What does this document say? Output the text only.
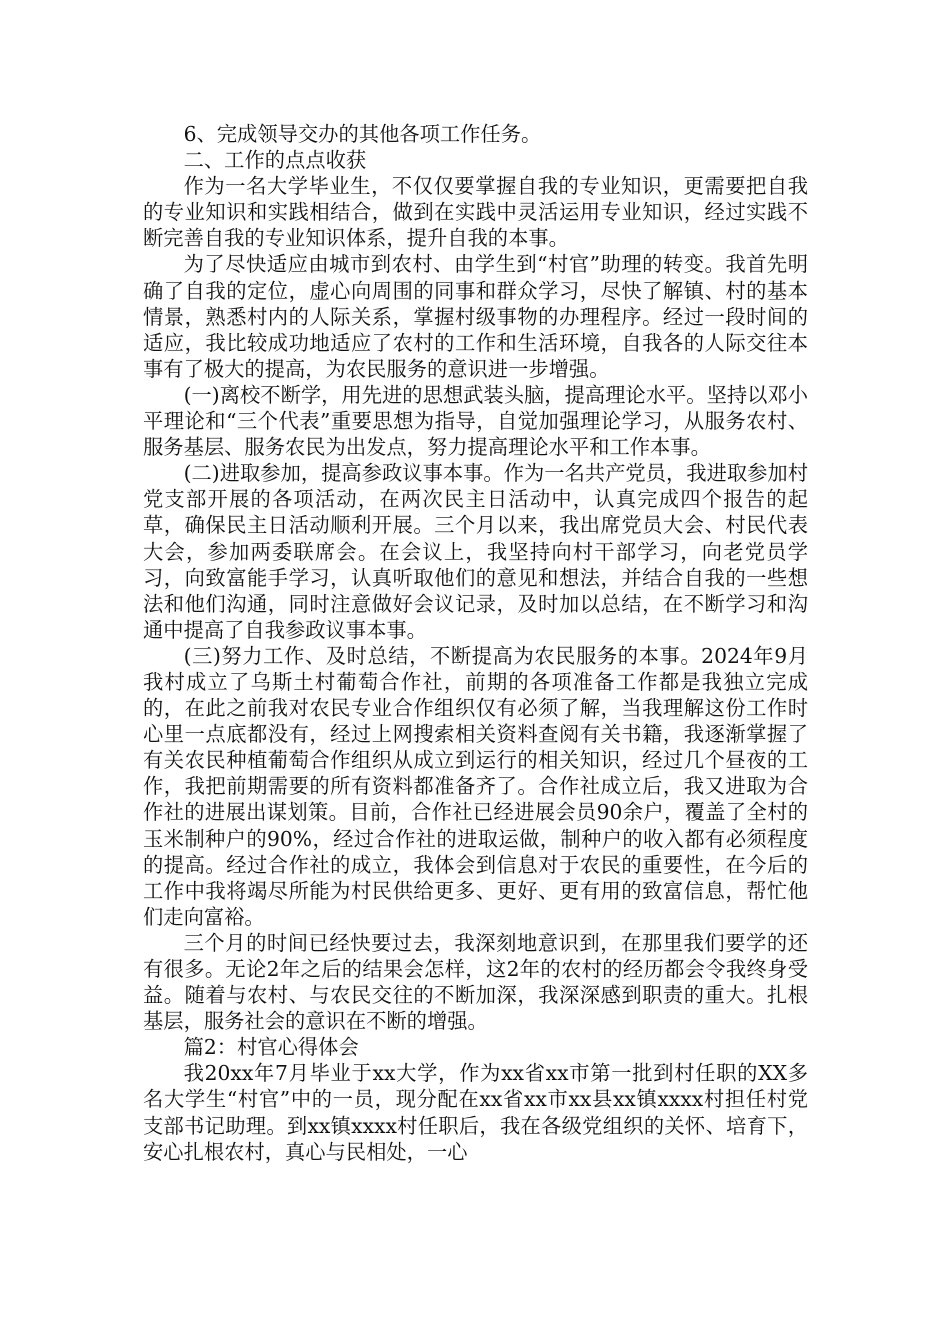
6、完成领导交办的其他各项工作任务。

二、工作的点点收获

作为一名大学毕业生，不仅仅要掌握自我的专业知识，更需要把自我的专业知识和实践相结合，做到在实践中灵活运用专业知识，经过实践不断完善自我的专业知识体系，提升自我的本事。

为了尽快适应由城市到农村、由学生到“村官”助理的转变。我首先明确了自我的定位，虚心向周围的同事和群众学习，尽快了解镇、村的基本情景，熟悉村内的人际关系，掌握村级事物的办理程序。经过一段时间的适应，我比较成功地适应了农村的工作和生活环境，自我各的人际交往本事有了极大的提高，为农民服务的意识进一步增强。

(一)离校不断学，用先进的思想武装头脑，提高理论水平。坚持以邓小平理论和“三个代表”重要思想为指导，自觉加强理论学习，从服务农村、服务基层、服务农民为出发点，努力提高理论水平和工作本事。

(二)进取参加，提高参政议事本事。作为一名共产党员，我进取参加村党支部开展的各项活动，在两次民主日活动中，认真完成四个报告的起草，确保民主日活动顺利开展。三个月以来，我出席党员大会、村民代表大会，参加两委联席会。在会议上，我坚持向村干部学习，向老党员学习，向致富能手学习，认真听取他们的意见和想法，并结合自我的一些想法和他们沟通，同时注意做好会议记录，及时加以总结，在不断学习和沟通中提高了自我参政议事本事。

(三)努力工作、及时总结，不断提高为农民服务的本事。2024年9月我村成立了乌斯土村葡萄合作社，前期的各项准备工作都是我独立完成的，在此之前我对农民专业合作组织仅有必须了解，当我理解这份工作时心里一点底都没有，经过上网搜索相关资料查阅有关书籍，我逐渐掌握了有关农民种植葡萄合作组织从成立到运行的相关知识，经过几个昼夜的工作，我把前期需要的所有资料都准备齐了。合作社成立后，我又进取为合作社的进展出谋划策。目前，合作社已经进展会员90余户，覆盖了全村的玉米制种户的90%，经过合作社的进取运做，制种户的收入都有必须程度的提高。经过合作社的成立，我体会到信息对于农民的重要性，在今后的工作中我将竭尽所能为村民供给更多、更好、更有用的致富信息，帮忙他们走向富裕。

三个月的时间已经快要过去，我深刻地意识到，在那里我们要学的还有很多。无论2年之后的结果会怎样，这2年的农村的经历都会令我终身受益。随着与农村、与农民交往的不断加深，我深深感到职责的重大。扎根基层，服务社会的意识在不断的增强。

篇2：村官心得体会

我20xx年7月毕业于xx大学，作为xx省xx市第一批到村任职的XX多名大学生“村官”中的一员，现分配在xx省xx市xx县xx镇xxxx村担任村党支部书记助理。到xx镇xxxx村任职后，我在各级党组织的关怀、培育下，安心扎根农村，真心与民相处，一心
